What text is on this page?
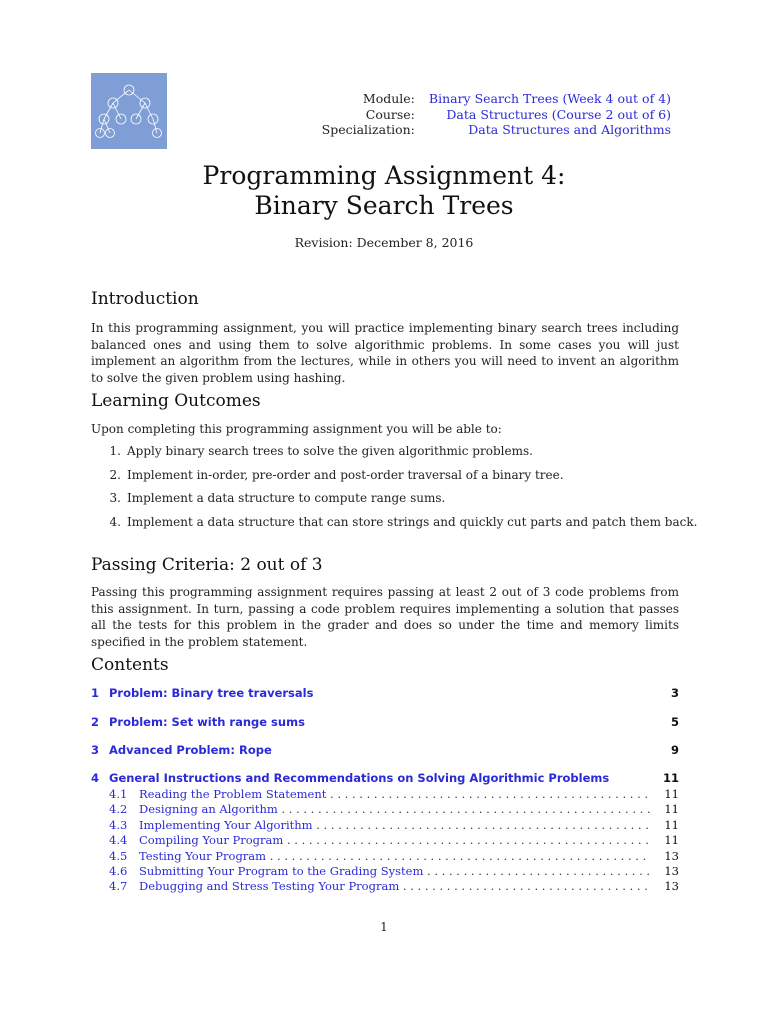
Module:	Binary Search Trees (Week 4 out of 4)
Course:	Data Structures (Course 2 out of 6)
Specialization:	Data Structures and Algorithms
Programming Assignment 4:
Binary Search Trees
Revision: December 8, 2016
Introduction

In this programming assignment, you will practice implementing binary search trees including balanced ones and using them to solve algorithmic problems. In some cases you will just implement an algorithm from the lectures, while in others you will need to invent an algorithm to solve the given problem using hashing.

Learning Outcomes

Upon completing this programming assignment you will be able to:

1. Apply binary search trees to solve the given algorithmic problems.
2. Implement in-order, pre-order and post-order traversal of a binary tree.
3. Implement a data structure to compute range sums.
4. Implement a data structure that can store strings and quickly cut parts and patch them back.
Passing Criteria: 2 out of 3

Passing this programming assignment requires passing at least 2 out of 3 code problems from this assignment. In turn, passing a code problem requires implementing a solution that passes all the tests for this problem in the grader and does so under the time and memory limits specified in the problem statement.

Contents
1 Problem: Binary tree traversals	3
2 Problem: Set with range sums	5
3 Advanced Problem: Rope	9
4 General Instructions and Recommendations on Solving Algorithmic Problems	11
4.1 Reading the Problem Statement . . .	11
4.2 Designing an Algorithm . . .	11
4.3 Implementing Your Algorithm . . .	11
4.4 Compiling Your Program . . .	11
4.5 Testing Your Program . . .	13
4.6 Submitting Your Program to the Grading System . . .	13
4.7 Debugging and Stress Testing Your Program . . .	13
1
